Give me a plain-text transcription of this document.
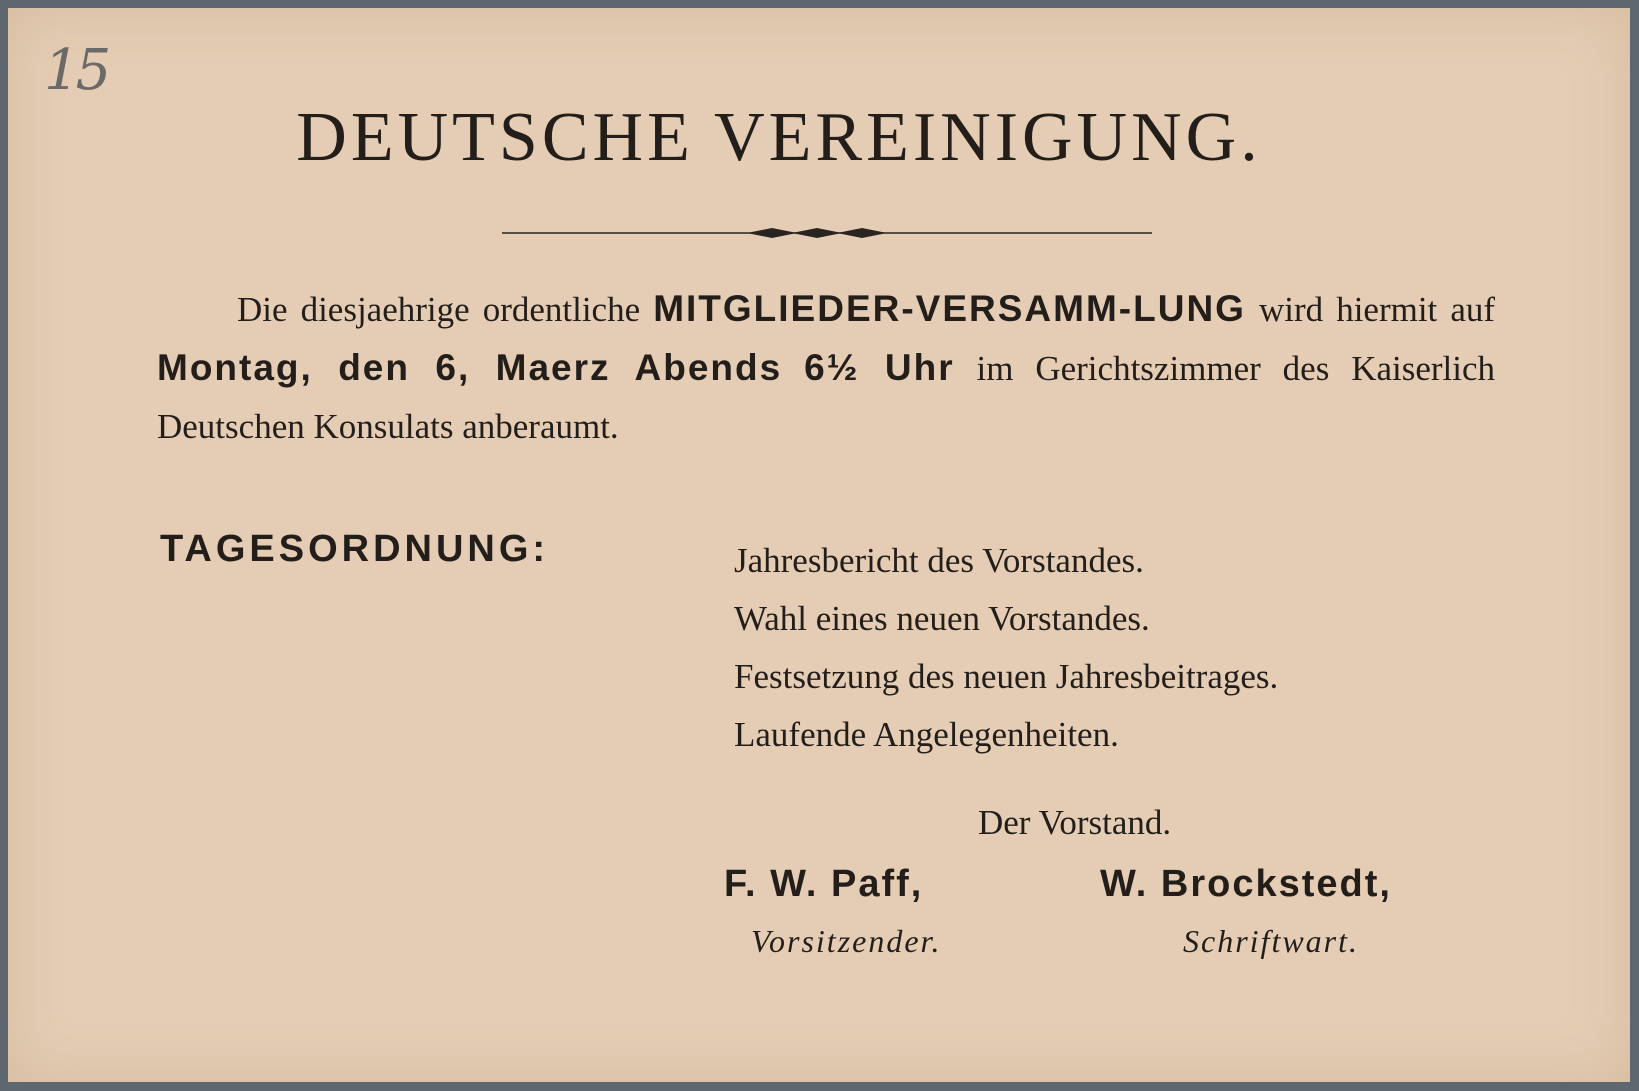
15
DEUTSCHE VEREINIGUNG.
Die diesjaehrige ordentliche MITGLIEDER-VERSAMM-LUNG wird hiermit auf Montag, den 6, Maerz Abends 6½ Uhr im Gerichtszimmer des Kaiserlich Deutschen Konsulats anberaumt.
TAGESORDNUNG:	Jahresbericht des Vorstandes.
Wahl eines neuen Vorstandes.
Festsetzung des neuen Jahresbeitrages.
Laufende Angelegenheiten.
Der Vorstand.
F. W. Paff,	W. Brockstedt,
Vorsitzender.	Schriftwart.
